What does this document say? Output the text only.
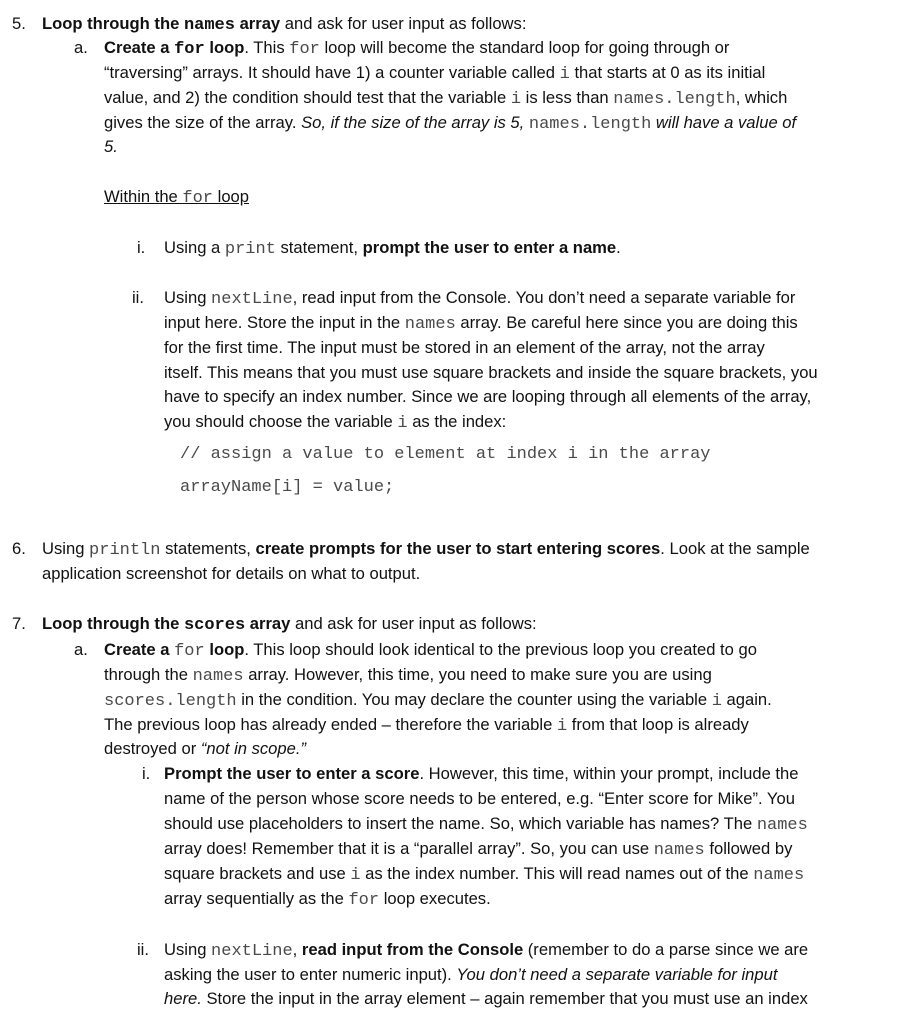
5. Loop through the names array and ask for user input as follows:
a. Create a for loop. This for loop will become the standard loop for going through or
“traversing” arrays. It should have 1) a counter variable called i that starts at 0 as its initial
value, and 2) the condition should test that the variable i is less than names.length, which
gives the size of the array. So, if the size of the array is 5, names.length will have a value of
5.
Within the for loop
i. Using a print statement, prompt the user to enter a name.
ii. Using nextLine, read input from the Console. You don’t need a separate variable for
input here. Store the input in the names array. Be careful here since you are doing this
for the first time. The input must be stored in an element of the array, not the array
itself. This means that you must use square brackets and inside the square brackets, you
have to specify an index number. Since we are looping through all elements of the array,
you should choose the variable i as the index:
// assign a value to element at index i in the array
arrayName[i] = value;
6. Using println statements, create prompts for the user to start entering scores. Look at the sample
application screenshot for details on what to output.
7. Loop through the scores array and ask for user input as follows:
a. Create a for loop. This loop should look identical to the previous loop you created to go
through the names array. However, this time, you need to make sure you are using
scores.length in the condition. You may declare the counter using the variable i again.
The previous loop has already ended – therefore the variable i from that loop is already
destroyed or “not in scope.”
i. Prompt the user to enter a score. However, this time, within your prompt, include the
name of the person whose score needs to be entered, e.g. “Enter score for Mike”. You
should use placeholders to insert the name. So, which variable has names? The names
array does! Remember that it is a “parallel array”. So, you can use names followed by
square brackets and use i as the index number. This will read names out of the names
array sequentially as the for loop executes.
ii. Using nextLine, read input from the Console (remember to do a parse since we are
asking the user to enter numeric input). You don’t need a separate variable for input
here. Store the input in the array element – again remember that you must use an index
